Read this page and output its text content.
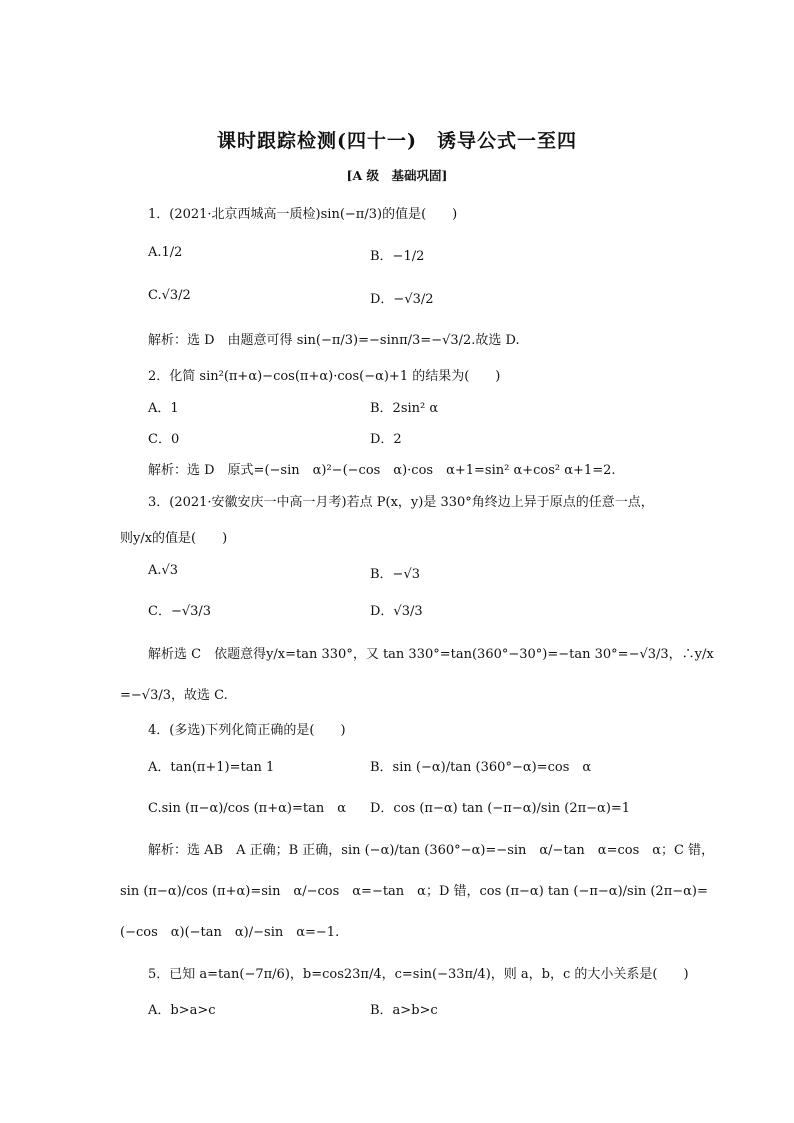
课时跟踪检测(四十一)　诱导公式一至四
[A 级　基础巩固]
1．(2021·北京西城高一质检)sin(−π/3)的值是(　　)
A.1/2	B．−1/2
C.√3/2	D．−√3/2
解析：选 D　由题意可得 sin(−π/3)=−sinπ/3=−√3/2.故选 D.
2．化简 sin²(π+α)−cos(π+α)·cos(−α)+1 的结果为(　　)
A．1	B．2sin² α
C．0	D．2
解析：选 D　原式=(−sin　α)²−(−cos　α)·cos　α+1=sin² α+cos² α+1=2.
3．(2021·安徽安庆一中高一月考)若点 P(x，y)是 330°角终边上异于原点的任意一点，
则y/x的值是(　　)
A.√3	B．−√3
C．−√3/3	D．√3/3
解析选 C　依题意得y/x=tan 330°，又 tan 330°=tan(360°−30°)=−tan 30°=−√3/3，∴y/x
=−√3/3，故选 C.
4．(多选)下列化简正确的是(　　)
A．tan(π+1)=tan 1	B．sin (−α)/tan (360°−α)=cos　α
C.sin (π−α)/cos (π+α)=tan　α	D．cos (π−α) tan (−π−α)/sin (2π−α)=1
解析：选 AB　A 正确；B 正确，sin (−α)/tan (360°−α)=−sin　α/−tan　α=cos　α；C 错，
sin (π−α)/cos (π+α)=sin　α/−cos　α=−tan　α；D 错，cos (π−α) tan (−π−α)/sin (2π−α)=
(−cos　α)(−tan　α)/−sin　α=−1.
5．已知 a=tan(−7π/6)，b=cos23π/4，c=sin(−33π/4)，则 a，b，c 的大小关系是(　　)
A．b>a>c	B．a>b>c
